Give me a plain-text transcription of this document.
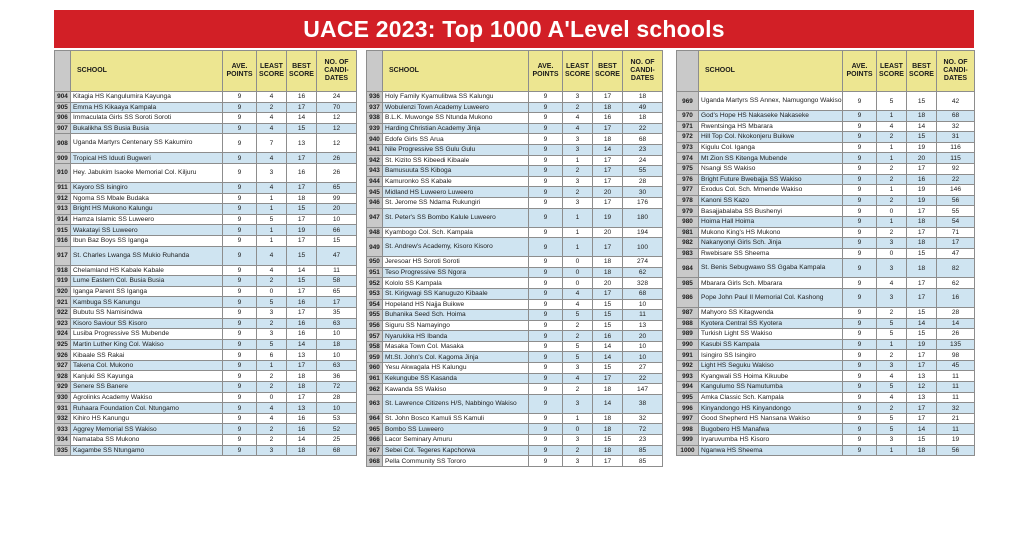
UACE 2023: Top 1000 A'Level schools
	SCHOOL	AVE. POINTS	LEAST SCORE	BEST SCORE	NO. OF CANDI- DATES
904	Kitagia HS Kangulumira Kayunga	9	4	16	24
905	Emma HS Kikaaya Kampala	9	2	17	70
906	Immaculata Girls SS Soroti Soroti	9	4	14	12
907	Bukalikha SS Busia Busia	9	4	15	12
908	Uganda Martyrs Centenary SS Kakumiro	9	7	13	12
909	Tropical HS Iduuti Bugweri	9	4	17	26
910	Hey. Jabukim Isaoke Memorial Col. Kiljuru	9	3	16	26
911	Kayoro SS Isingiro	9	4	17	65
912	Ngoma SS Mbale Budaka	9	1	18	99
913	Bright HS Mukono Kalungu	9	1	15	20
914	Hamza Islamic SS Luweero	9	5	17	10
915	Wakatayi SS Luweero	9	1	19	66
916	Ibun Baz Boys SS Iganga	9	1	17	15
917	St. Charles Lwanga SS Mukio Ruhanda	9	4	15	47
918	Chelamland HS Kabale Kabale	9	4	14	11
919	Lume Eastern Col. Busia Busia	9	2	15	58
920	Iganga Parent SS Iganga	9	0	17	65
921	Kambuga SS Kanungu	9	5	16	17
922	Bubutu SS Namisindwa	9	3	17	35
923	Kisoro Saviour SS Kisoro	9	2	16	63
924	Lusiba Progressive SS Mubende	9	3	16	10
925	Martin Luther King Col. Wakiso	9	5	14	18
926	Kibaale SS Rakai	9	6	13	10
927	Takena Col. Mukono	9	1	17	63
928	Kanjuki SS Kayunga	9	2	18	36
929	Senere SS Banere	9	2	18	72
930	Agrolinks Academy Wakiso	9	0	17	28
931	Ruhaara Foundation Col. Ntungamo	9	4	13	10
932	Kihiro HS Kanungu	9	4	16	53
933	Aggrey Memorial SS Wakiso	9	2	16	52
934	Namataba SS Mukono	9	2	14	25
935	Kagambe SS Ntungamo	9	3	18	68
	SCHOOL	AVE. POINTS	LEAST SCORE	BEST SCORE	NO. OF CANDI- DATES
936	Holy Family Kyamulibwa SS Kalungu	9	3	17	18
937	Wobulenzi Town Academy Luweero	9	2	18	49
938	B.L.K. Muwonge SS Ntunda Mukono	9	4	16	18
939	Harding Christian Academy Jinja	9	4	17	22
940	Edofe Girls SS Arua	9	3	18	68
941	Nile Progressive SS Gulu Gulu	9	3	14	23
942	St. Kizito SS Kibeedi Kibaale	9	1	17	24
943	Bamusuuta SS Kiboga	9	2	17	55
944	Kamuronko SS Kabale	9	3	17	28
945	Midland HS Luweero Luweero	9	2	20	30
946	St. Jerome SS Ndama Rukungiri	9	3	17	176
947	St. Peter's SS Bombo Kalule Luweero	9	1	19	180
948	Kyambogo Col. Sch. Kampala	9	1	20	194
949	St. Andrew's Academy, Kisoro Kisoro	9	1	17	100
950	Jeresoar HS Soroti Soroti	9	0	18	274
951	Teso Progressive SS Ngora	9	0	18	62
952	Kololo SS Kampala	9	0	20	328
953	St. Kirigwagi SS Kanuguzo Kibaale	9	4	17	68
954	Hopeland HS Najja Buikwe	9	4	15	10
955	Buhanika Seed Sch. Hoima	9	5	15	11
956	Siguru SS Namayingo	9	2	15	13
957	Nyarukika HS Ibanda	9	2	16	20
958	Masaka Town Col. Masaka	9	5	14	10
959	Mt.St. John's Col. Kagoma Jinja	9	5	14	10
960	Yesu Akwagala HS Kalungu	9	3	15	27
961	Kekungube SS Kasanda	9	4	17	22
962	Kawanda SS Wakiso	9	2	18	147
963	St. Lawrence Citizens H/S, Nabbingo Wakiso	9	3	14	38
964	St. John Bosco Kamuli SS Kamuli	9	1	18	32
965	Bombo SS Luweero	9	0	18	72
966	Lacor Seminary Amuru	9	3	15	23
967	Sebei Col. Tegeres Kapchorwa	9	2	18	85
968	Pella Community SS Tororo	9	3	17	85
	SCHOOL	AVE. POINTS	LEAST SCORE	BEST SCORE	NO. OF CANDI- DATES
969	Uganda Martyrs SS Annex, Namugongo Wakiso	9	5	15	42
970	God's Hope HS Nakaseke Nakaseke	9	1	18	68
971	Rwentsinga HS Mbarara	9	4	14	32
972	Hill Top Col. Nkokonjeru Buikwe	9	2	15	31
973	Kigulu Col. Iganga	9	1	19	116
974	Mt Zion SS Kitenga Mubende	9	1	20	115
975	Nsangi SS Wakiso	9	2	17	92
976	Bright Future Bwebajja SS Wakiso	9	2	16	22
977	Exodus Col. Sch. Mmende Wakiso	9	1	19	146
978	Kanoni SS Kazo	9	2	19	56
979	Basajjabalaba SS Bushenyi	9	0	17	55
980	Hoima Hall Hoima	9	1	18	54
981	Mukono King's HS Mukono	9	2	17	71
982	Nakanyonyi Girls Sch. Jinja	9	3	18	17
983	Rwebisare SS Sheema	9	0	15	47
984	St. Benis Sebugwawo SS Ggaba Kampala	9	3	18	82
985	Mbarara Girls Sch. Mbarara	9	4	17	62
986	Pope John Paul II Memorial Col. Kashong	9	3	17	16
987	Mahyoro SS Kitagwenda	9	2	15	28
988	Kyotera Central SS Kyotera	9	5	14	14
989	Turkish Light SS Wakiso	9	5	15	26
990	Kasubi SS Kampala	9	1	19	135
991	Isingiro SS Isingiro	9	2	17	98
992	Light HS Seguku Wakiso	9	3	17	45
993	Kyangwali SS Hoima Kikuube	9	4	13	11
994	Kangulumo SS Namutumba	9	5	12	11
995	Amka Classic Sch. Kampala	9	4	13	11
996	Kinyandongo HS Kinyandongo	9	2	17	32
997	Good Shepherd HS Nansana Wakiso	9	5	17	21
998	Bugobero HS Manafwa	9	5	14	11
999	Iryaruvumba HS Kisoro	9	3	15	19
1000	Nganwa HS Sheema	9	1	18	56
